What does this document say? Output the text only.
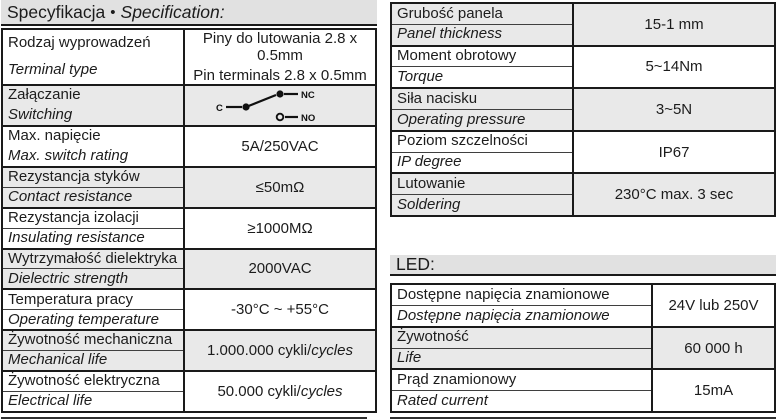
Specyfikacja • Specification:
Rodzaj wyprowadzeń
Terminal type
Piny do lutowania 2.8 x 0.5mm
Pin terminals 2.8 x 0.5mm
Załączanie
Switching	C
NC
NO
Max. napięcie
Max. switch rating
5A/250VAC
Rezystancja styków
Contact resistance
≤50mΩ
Rezystancja izolacji
Insulating resistance
≥1000MΩ
Wytrzymałość dielektryka
Dielectric strength
2000VAC
Temperatura pracy
Operating temperature
-30°C ~ +55°C
Żywotność mechaniczna
Mechanical life
1.000.000 cykli/ cycles
Żywotność elektryczna
Electrical life
50.000 cykli/ cycles
Grubość panela
Panel thickness
15-1 mm
Moment obrotowy
Torque
5~14Nm
Siła nacisku
Operating pressure
3~5N
Poziom szczelności
IP degree
IP67
Lutowanie
Soldering
230°C max. 3 sec
LED:
Dostępne napięcia znamionowe
Dostępne napięcia znamionowe
24V lub 250V
Żywotność
Life
60 000 h
Prąd znamionowy
Rated current
15mA
